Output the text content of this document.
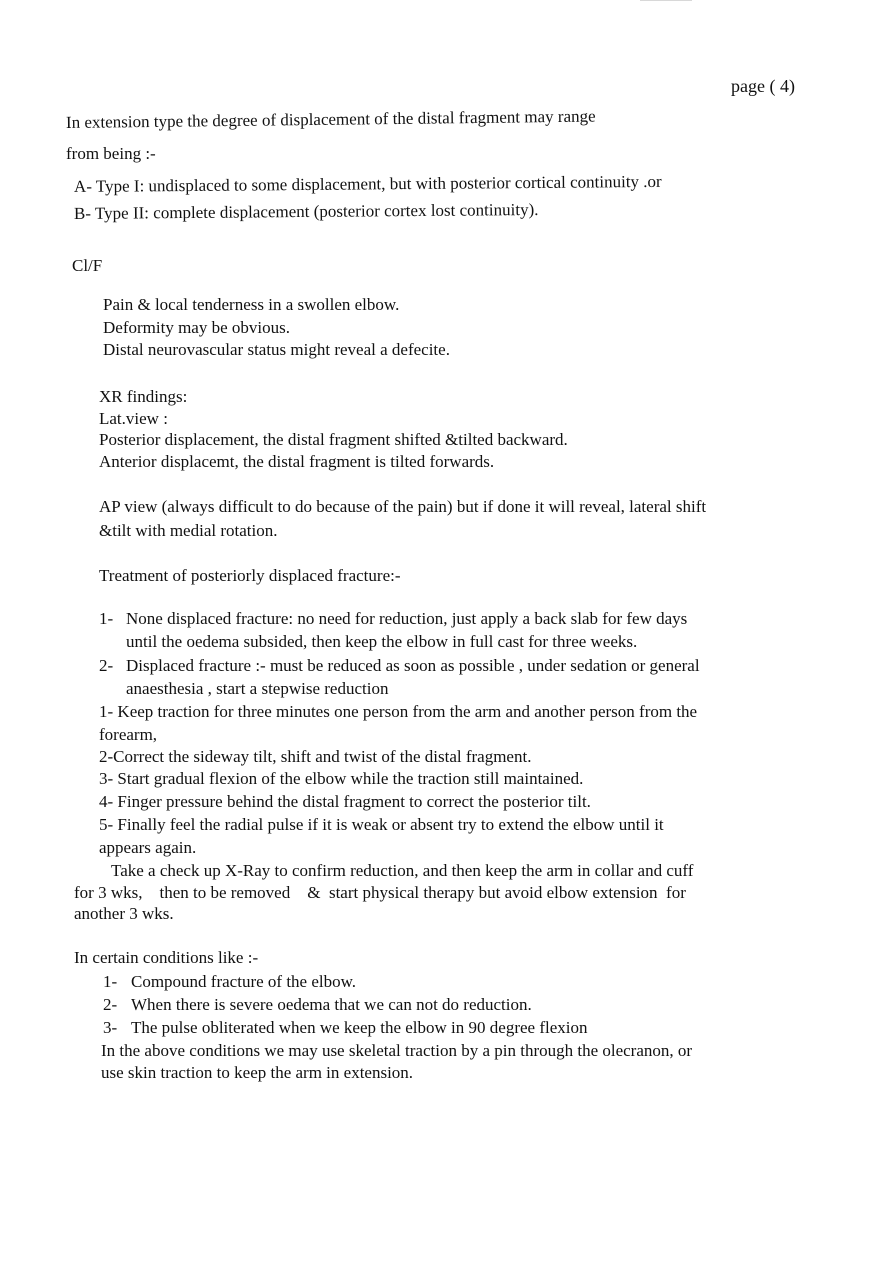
page ( 4)

In extension type the degree of displacement of the distal fragment may range

from being :-

A- Type I: undisplaced to some displacement, but with posterior cortical continuity .or

B- Type II: complete displacement (posterior cortex lost continuity).

Cl/F

Pain & local tenderness in a swollen elbow.

Deformity may be obvious.

Distal neurovascular status might reveal a defecite.

XR findings:

Lat.view :

Posterior displacement, the distal fragment shifted &tilted backward.

Anterior displacemt, the distal fragment is tilted forwards.

AP view (always difficult to do because of the pain) but if done it will reveal, lateral shift

&tilt with medial rotation.

Treatment of posteriorly displaced fracture:-

1- None displaced fracture: no need for reduction, just apply a back slab for few days

until the oedema subsided, then keep the elbow in full cast for three weeks.

2- Displaced fracture :- must be reduced as soon as possible , under sedation or general

anaesthesia , start a stepwise reduction

1- Keep traction for three minutes one person from the arm and another person from the

forearm,

2-Correct the sideway tilt, shift and twist of the distal fragment.

3- Start gradual flexion of the elbow while the traction still maintained.

4- Finger pressure behind the distal fragment to correct the posterior tilt.

5- Finally feel the radial pulse if it is weak or absent try to extend the elbow until it

appears again.

Take a check up X-Ray to confirm reduction, and then keep the arm in collar and cuff

for 3 wks,    then to be removed    &  start physical therapy but avoid elbow extension  for

another 3 wks.

In certain conditions like :-

1- Compound fracture of the elbow.

2- When there is severe oedema that we can not do reduction.

3- The pulse obliterated when we keep the elbow in 90 degree flexion

In the above conditions we may use skeletal traction by a pin through the olecranon, or

use skin traction to keep the arm in extension.
